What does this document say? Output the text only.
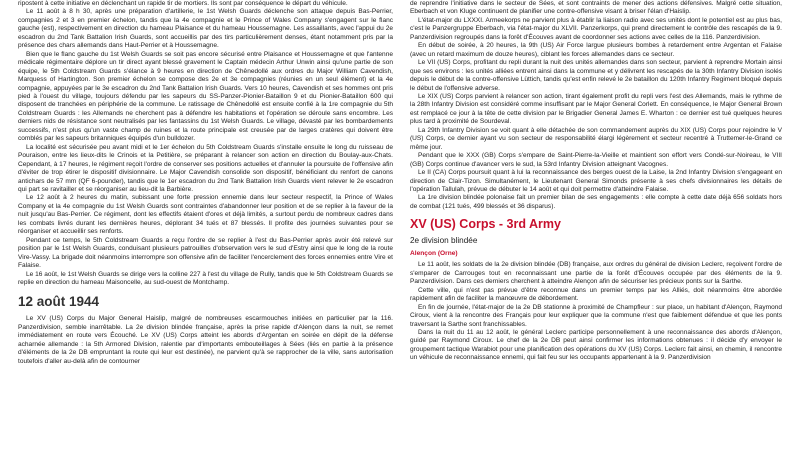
ripostent à cette initiative en déclenchant un rapide tir de mortiers. Ils sont par conséquence le départ du véhicule.

Le 11 août à 8 h 30, après une préparation d'artillerie, le 1st Welsh Guards déclenche son attaque depuis Bas-Perrier, compagnies 2 et 3 en premier échelon, tandis que la 4e compagnie et le Prince of Wales Company s'engagent sur le flanc gauche (est), respectivement en direction du hameau Plaisance et du hameau Houssemagne. Les assaillants, avec l'appui du 2e escadron du 2nd Tank Battalion Irish Guards, sont accueillis par des tirs particulièrement denses, étant notamment pris par la présence des chars allemands dans Haut-Perrier et à Houssemagne.

Bien que le flanc gauche du 1st Welsh Guards se soit pas encore sécurisé entre Plaisance et Houssemagne et que l'antenne médicale régimentaire déplore un tir direct ayant blessé gravement le Captain médecin Arthur Unwin ainsi qu'une partie de son équipe, le 5th Coldstream Guards s'élance à 9 heures en direction de Chênedollé aux ordres du Major William Cavendish, Marquess of Hartington. Son premier échelon se compose des 2e et 3e compagnies (réunies en un seul élément) et la 4e compagnie, appuyées par le 3e escadron du 2nd Tank Battalion Irish Guards. Vers 10 heures, Cavendish et ses hommes ont pris pied à l'ouest du village, toujours défendu par les sapeurs du SS-Panzer-Pionier-Bataillon 9 et du Pionier-Bataillon 600 qui disposent de tranchées en périphérie de la commune. Le ratissage de Chênedollé est ensuite confié à la 1re compagnie du 5th Coldstream Guards : les Allemands ne cherchent pas à défendre les habitations et l'opération se déroule sans encombre. Les derniers nids de résistance sont neutralisés par les fantassins du 1st Welsh Guards. Le village, dévasté par les bombardements successifs, n'est plus qu'un vaste champ de ruines et la route principale est creusée par de larges cratères qui doivent être comblés par les sapeurs britanniques équipés d'un bulldozer.

La localité est sécurisée peu avant midi et le 1er échelon du 5th Coldstream Guards s'installe ensuite le long du ruisseau de Pouraison, entre les lieux-dits le Crinois et la Petitière, se préparant à relancer son action en direction du Boulay-aux-Chats. Cependant, à 17 heures, le régiment reçoit l'ordre de conserver ses positions actuelles et d'annuler la poursuite de l'offensive afin d'éviter de trop étirer le dispositif divisionnaire. Le Major Cavendish consolide son dispositif, bénéficiant du renfort de canons antichars de 57 mm (QF 6-pounder), tandis que le 1er escadron du 2nd Tank Battalion Irish Guards vient relever le 2e escadron qui part se ravitailler et se réorganiser au lieu-dit la Barbière.

Le 12 août à 2 heures du matin, subissant une forte pression ennemie dans leur secteur respectif, la Prince of Wales Company et la 4e compagnie du 1st Welsh Guards sont contraintes d'abandonner leur position et de se replier à la faveur de la nuit jusqu'au Bas-Perrier. Ce régiment, dont les effectifs étaient d'ores et déjà limités, a surtout perdu de nombreux cadres dans les combats livrés durant les dernières heures, déplorant 34 tués et 87 blessés. Il profite des journées suivantes pour se réorganiser et accueillir ses renforts.

Pendant ce temps, le 5th Coldstream Guards a reçu l'ordre de se replier à l'est du Bas-Perrier après avoir été relevé sur position par le 1st Welsh Guards, conduisant plusieurs patrouilles d'observation vers le sud d'Estry ainsi que le long de la route Vire-Vassy. La brigade doit néanmoins interrompre son offensive afin de faciliter l'encerclement des forces ennemies entre Vire et Falaise.

Le 16 août, le 1st Welsh Guards se dirige vers la colline 227 à l'est du village de Rully, tandis que le 5th Coldstream Guards se replie en direction du hameau Maisoncelle, au sud-ouest de Montchamp.

12 août 1944

Le XV (US) Corps du Major General Haislip, malgré de nombreuses escarmouches initiées en particulier par la 116. Panzerdivision, semble inarrêtable. La 2e division blindée française, après la prise rapide d'Alençon dans la nuit, se remet immédiatement en route vers Écouché. Le XV (US) Corps atteint les abords d'Argentan en soirée en dépit de la défense acharnée allemande : la 5th Armored Division, ralentie par d'importants embouteillages à Sées (liés en partie à la présence d'éléments de la 2e DB empruntant la route qui leur est destinée), ne parvient qu'à se rapprocher de la ville, sans autorisation toutefois d'aller au-delà afin de contourner

de reprendre l'initiative dans le secteur de Sées, et sont contraints de mener des actions défensives. Malgré cette situation, Eberbach et von Kluge continuent de planifier une contre-offensive visant à briser l'élan d'Haislip.

L'état-major du LXXXI. Armeekorps ne parvient plus à établir la liaison radio avec ses unités dont le potentiel est au plus bas, c'est le Panzergruppe Eberbach, via l'état-major du XLVII. Panzerkorps, qui prend directement le contrôle des rescapés de la 9. Panzerdivision regroupés dans la forêt d'Écouves avant de coordonner ses actions avec celles de la 116. Panzerdivision.

En début de soirée, à 20 heures, la 9th (US) Air Force largue plusieurs bombes à retardement entre Argentan et Falaise (avec un retard maximum de douze heures), ciblant les forces allemandes dans ce secteur.

Le VII (US) Corps, profitant du repli durant la nuit des unités allemandes dans son secteur, parvient à reprendre Mortain ainsi que ses environs : les unités alliées entrent ainsi dans la commune et y délivrent les rescapés de la 30th Infantry Division isolés depuis le début de la contre-offensive Lüttich, tandis qu'est enfin relevé le 2e bataillon du 120th Infantry Regiment bloqué depuis le début de l'offensive adverse.

Le XIX (US) Corps parvient à relancer son action, tirant également profit du repli vers l'est des Allemands, mais le rythme de la 28th Infantry Division est considéré comme insuffisant par le Major General Corlett. En conséquence, le Major General Brown est remplacé ce jour à la tête de cette division par le Brigadier General James E. Wharton : ce dernier est tué quelques heures plus tard à proximité de Sourdeval.

La 29th Infantry Division se voit quant à elle détachée de son commandement auprès du XIX (US) Corps pour rejoindre le V (US) Corps, ce dernier ayant vu son secteur de responsabilité élargi légèrement et secteur recentré à Truttemer-le-Grand ce même jour.

Pendant que le XXX (GB) Corps s'empare de Saint-Pierre-la-Vieille et maintient son effort vers Condé-sur-Noireau, le VIII (GB) Corps continue d'avancer vers le sud, la 53rd Infantry Division atteignant Vacognes.

Le II (CA) Corps poursuit quant à lui la reconnaissance des berges ouest de la Laise, la 2nd Infantry Division s'engageant en direction de Clair-Tizon. Simultanément, le Lieutenant General Simonds présente à ses chefs divisionnaires les détails de l'opération Tallulah, prévue de débuter le 14 août et qui doit permettre d'atteindre Falaise.

La 1re division blindée polonaise fait un premier bilan de ses engagements : elle compte à cette date déjà 656 soldats hors de combat (121 tués, 499 blessés et 36 disparus).

XV (US) Corps - 3rd Army
2e division blindée
Alençon (Orne)

Le 11 août, les soldats de la 2e division blindée (DB) française, aux ordres du général de division Leclerc, reçoivent l'ordre de s'emparer de Carrouges tout en reconnaissant une partie de la forêt d'Écouves occupée par des éléments de la 9. Panzerdivision. Dans ces derniers cherchent à atteindre Alençon afin de sécuriser les précieux ponts sur la Sarthe.

Cette ville, qui n'est pas prévue d'être reconnue dans un premier temps par les Alliés, doit néanmoins être abordée rapidement afin de faciliter la manœuvre de débordement.

En fin de journée, l'état-major de la 2e DB stationne à proximité de Champfleur : sur place, un habitant d'Alençon, Raymond Ciroux, vient à la rencontre des Français pour leur expliquer que la commune n'est que faiblement défendue et que les ponts traversant la Sarthe sont franchissables.

Dans la nuit du 11 au 12 août, le général Leclerc participe personnellement à une reconnaissance des abords d'Alençon, guidé par Raymond Ciroux. Le chef de la 2e DB peut ainsi confirmer les informations obtenues : il décide d'y envoyer le groupement tactique Warabiot pour une planification des opérations du XV (US) Corps. Leclerc fait ainsi, en chemin, il rencontre un véhicule de reconnaissance ennemi, qui fait feu sur les occupants appartenant à la 9. Panzerdivision
